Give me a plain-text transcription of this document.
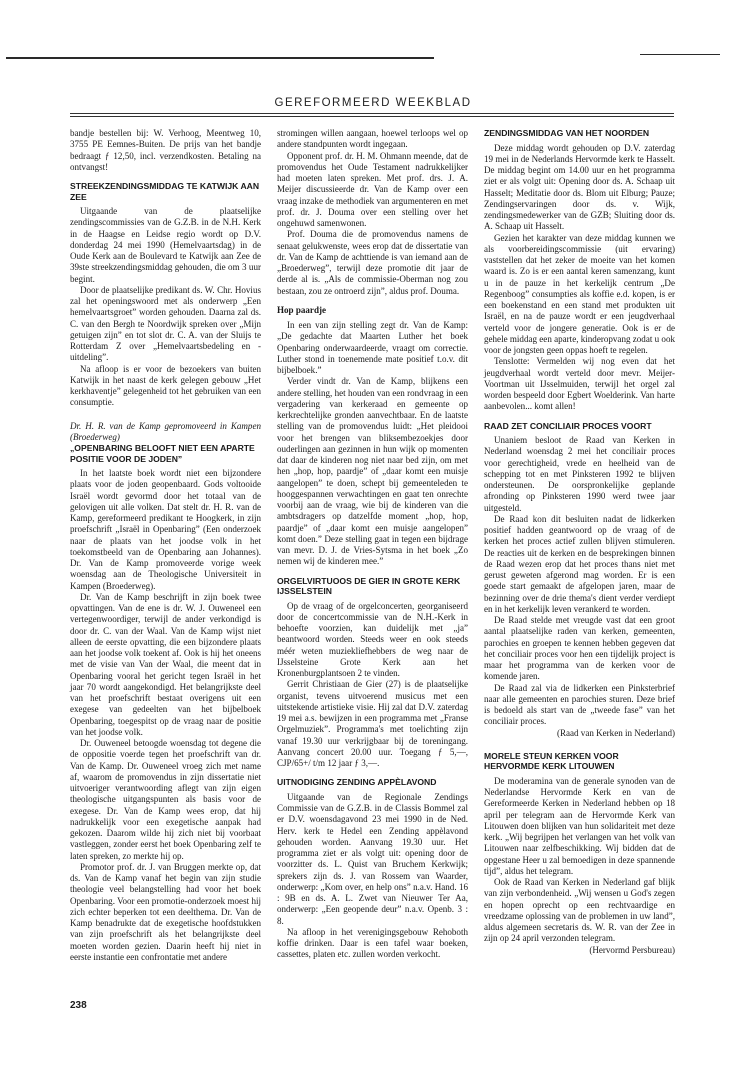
GEREFORMEERD WEEKBLAD

bandje bestellen bij: W. Verhoog, Meentweg 10, 3755 PE Eemnes-Buiten. De prijs van het bandje bedraagt ƒ 12,50, incl. verzendkosten. Betaling na ontvangst!

STREEKZENDINGSMIDDAG TE KATWIJK AAN ZEE

Uitgaande van de plaatselijke zendingscommissies van de G.Z.B. in de N.H. Kerk in de Haagse en Leidse regio wordt op D.V. donderdag 24 mei 1990 (Hemelvaartsdag) in de Oude Kerk aan de Boulevard te Katwijk aan Zee de 39ste streekzendingsmiddag gehouden, die om 3 uur begint.

Door de plaatselijke predikant ds. W. Chr. Hovius zal het openingswoord met als onderwerp „Een hemelvaartsgroet” worden gehouden. Daarna zal ds. C. van den Bergh te Noordwijk spreken over „Mijn getuigen zijn” en tot slot dr. C. A. van der Sluijs te Rotterdam Z over „Hemelvaartsbedeling en -uitdeling”.

Na afloop is er voor de bezoekers van buiten Katwijk in het naast de kerk gelegen gebouw „Het kerkhaventje” gelegenheid tot het gebruiken van een consumptie.

Dr. H. R. van de Kamp gepromoveerd in Kampen (Broederweg)

„OPENBARING BELOOFT NIET EEN APARTE POSITIE VOOR DE JODEN”

In het laatste boek wordt niet een bijzondere plaats voor de joden geopenbaard. Gods voltooide Israël wordt gevormd door het totaal van de gelovigen uit alle volken. Dat stelt dr. H. R. van de Kamp, gereformeerd predikant te Hoogkerk, in zijn proefschrift „Israël in Openbaring” (Een onderzoek naar de plaats van het joodse volk in het toekomstbeeld van de Openbaring aan Johannes). Dr. Van de Kamp promoveerde vorige week woensdag aan de Theologische Universiteit in Kampen (Broederweg).

Dr. Van de Kamp beschrijft in zijn boek twee opvattingen. Van de ene is dr. W. J. Ouweneel een vertegenwoordiger, terwijl de ander verkondigd is door dr. C. van der Waal. Van de Kamp wijst niet alleen de eerste opvatting, die een bijzondere plaats aan het joodse volk toekent af. Ook is hij het oneens met de visie van Van der Waal, die meent dat in Openbaring vooral het gericht tegen Israël in het jaar 70 wordt aangekondigd. Het belangrijkste deel van het proefschrift bestaat overigens uit een exegese van gedeelten van het bijbelboek Openbaring, toegespitst op de vraag naar de positie van het joodse volk.

Dr. Ouweneel betoogde woensdag tot degene die de oppositie voerde tegen het proefschrift van dr. Van de Kamp. Dr. Ouweneel vroeg zich met name af, waarom de promovendus in zijn dissertatie niet uitvoeriger verantwoording aflegt van zijn eigen theologische uitgangspunten als basis voor de exegese. Dr. Van de Kamp wees erop, dat hij nadrukkelijk voor een exegetische aanpak had gekozen. Daarom wilde hij zich niet bij voorbaat vastleggen, zonder eerst het boek Openbaring zelf te laten spreken, zo merkte hij op.

Promotor prof. dr. J. van Bruggen merkte op, dat ds. Van de Kamp vanaf het begin van zijn studie theologie veel belangstelling had voor het boek Openbaring. Voor een promotie-onderzoek moest hij zich echter beperken tot een deelthema. Dr. Van de Kamp benadrukte dat de exegetische hoofdstukken van zijn proefschrift als het belangrijkste deel moeten worden gezien. Daarin heeft hij niet in eerste instantie een confrontatie met andere

stromingen willen aangaan, hoewel terloops wel op andere standpunten wordt ingegaan.

Opponent prof. dr. H. M. Ohmann meende, dat de promovendus het Oude Testament nadrukkelijker had moeten laten spreken. Met prof. drs. J. A. Meijer discussieerde dr. Van de Kamp over een vraag inzake de methodiek van argumenteren en met prof. dr. J. Douma over een stelling over het ongehuwd samenwonen.

Prof. Douma die de promovendus namens de senaat gelukwenste, wees erop dat de dissertatie van dr. Van de Kamp de achttiende is van iemand aan de „Broederweg”, terwijl deze promotie dit jaar de derde al is. „Als de commissie-Oberman nog zou bestaan, zou ze ontroerd zijn”, aldus prof. Douma.

Hop paardje

In een van zijn stelling zegt dr. Van de Kamp: „De gedachte dat Maarten Luther het boek Openbaring onderwaardeerde, vraagt om correctie. Luther stond in toenemende mate positief t.o.v. dit bijbelboek.”

Verder vindt dr. Van de Kamp, blijkens een andere stelling, het houden van een rondvraag in een vergadering van kerkeraad en gemeente op kerkrechtelijke gronden aanvechtbaar. En de laatste stelling van de promovendus luidt: „Het pleidooi voor het brengen van bliksembezoekjes door ouderlingen aan gezinnen in hun wijk op momenten dat daar de kinderen nog niet naar bed zijn, om met hen „hop, hop, paardje” of „daar komt een muisje aangelopen” te doen, schept bij gemeenteleden te hooggespannen verwachtingen en gaat ten onrechte voorbij aan de vraag, wie bij de kinderen van die ambtsdragers op datzelfde moment „hop, hop, paardje” of „daar komt een muisje aangelopen” komt doen.” Deze stelling gaat in tegen een bijdrage van mevr. D. J. de Vries-Sytsma in het boek „Zo nemen wij de kinderen mee.”

ORGELVIRTUOOS DE GIER IN GROTE KERK IJSSELSTEIN

Op de vraag of de orgelconcerten, georganiseerd door de concertcommissie van de N.H.-Kerk in behoefte voorzien, kan duidelijk met „ja” beantwoord worden. Steeds weer en ook steeds méér weten muziekliefhebbers de weg naar de IJsselsteine Grote Kerk aan het Kronenburgplantsoen 2 te vinden.

Gerrit Christiaan de Gier (27) is de plaatselijke organist, tevens uitvoerend musicus met een uitstekende artistieke visie. Hij zal dat D.V. zaterdag 19 mei a.s. bewijzen in een programma met „Franse Orgelmuziek”. Programma's met toelichting zijn vanaf 19.30 uur verkrijgbaar bij de toreningang. Aanvang concert 20.00 uur. Toegang ƒ 5,—, CJP/65+/ t/m 12 jaar ƒ 3,—.

UITNODIGING ZENDING APPÈLAVOND

Uitgaande van de Regionale Zendings Commissie van de G.Z.B. in de Classis Bommel zal er D.V. woensdagavond 23 mei 1990 in de Ned. Herv. kerk te Hedel een Zending appèlavond gehouden worden. Aanvang 19.30 uur. Het programma ziet er als volgt uit: opening door de voorzitter ds. L. Quist van Bruchem Kerkwijk; sprekers zijn ds. J. van Rossem van Waarder, onderwerp: „Kom over, en help ons” n.a.v. Hand. 16 : 9B en ds. A. L. Zwet van Nieuwer Ter Aa, onderwerp: „Een geopende deur” n.a.v. Openb. 3 : 8.

Na afloop in het verenigingsgebouw Rehoboth koffie drinken. Daar is een tafel waar boeken, cassettes, platen etc. zullen worden verkocht.

ZENDINGSMIDDAG VAN HET NOORDEN

Deze middag wordt gehouden op D.V. zaterdag 19 mei in de Nederlands Hervormde kerk te Hasselt. De middag begint om 14.00 uur en het programma ziet er als volgt uit: Opening door ds. A. Schaap uit Hasselt; Meditatie door ds. Blom uit Elburg; Pauze; Zendingservaringen door ds. v. Wijk, zendingsmedewerker van de GZB; Sluiting door ds. A. Schaap uit Hasselt.

Gezien het karakter van deze middag kunnen we als voorbereidingscommissie (uit ervaring) vaststellen dat het zeker de moeite van het komen waard is. Zo is er een aantal keren samenzang, kunt u in de pauze in het kerkelijk centrum „De Regenboog” consumpties als koffie e.d. kopen, is er een boekenstand en een stand met produkten uit Israël, en na de pauze wordt er een jeugdverhaal verteld voor de jongere generatie. Ook is er de gehele middag een aparte, kinderopvang zodat u ook voor de jongsten geen oppas hoeft te regelen.

Tenslotte: Vermelden wij nog even dat het jeugdverhaal wordt verteld door mevr. Meijer-Voortman uit IJsselmuiden, terwijl het orgel zal worden bespeeld door Egbert Woelderink. Van harte aanbevolen... komt allen!

RAAD ZET CONCILIAIR PROCES VOORT

Unaniem besloot de Raad van Kerken in Nederland woensdag 2 mei het conciliair proces voor gerechtigheid, vrede en heelheid van de schepping tot en met Pinksteren 1992 te blijven ondersteunen. De oorspronkelijke geplande afronding op Pinksteren 1990 werd twee jaar uitgesteld.

De Raad kon dit besluiten nadat de lidkerken positief hadden geantwoord op de vraag of de kerken het proces actief zullen blijven stimuleren. De reacties uit de kerken en de besprekingen binnen de Raad wezen erop dat het proces thans niet met gerust geweten afgerond mag worden. Er is een goede start gemaakt de afgelopen jaren, maar de bezinning over de drie thema's dient verder verdiept en in het kerkelijk leven verankerd te worden.

De Raad stelde met vreugde vast dat een groot aantal plaatselijke raden van kerken, gemeenten, parochies en groepen te kennen hebben gegeven dat het conciliair proces voor hen een tijdelijk project is maar het programma van de kerken voor de komende jaren.

De Raad zal via de lidkerken een Pinksterbrief naar alle gemeenten en parochies sturen. Deze brief is bedoeld als start van de „tweede fase” van het conciliair proces.

(Raad van Kerken in Nederland)

MORELE STEUN KERKEN VOOR HERVORMDE KERK LITOUWEN

De moderamina van de generale synoden van de Nederlandse Hervormde Kerk en van de Gereformeerde Kerken in Nederland hebben op 18 april per telegram aan de Hervormde Kerk van Litouwen doen blijken van hun solidariteit met deze kerk. „Wij begrijpen het verlangen van het volk van Litouwen naar zelfbeschikking. Wij bidden dat de opgestane Heer u zal bemoedigen in deze spannende tijd”, aldus het telegram.

Ook de Raad van Kerken in Nederland gaf blijk van zijn verbondenheid. „Wij wensen u God's zegen en hopen oprecht op een rechtvaardige en vreedzame oplossing van de problemen in uw land”, aldus algemeen secretaris ds. W. R. van der Zee in zijn op 24 april verzonden telegram.

(Hervormd Persbureau)

238
